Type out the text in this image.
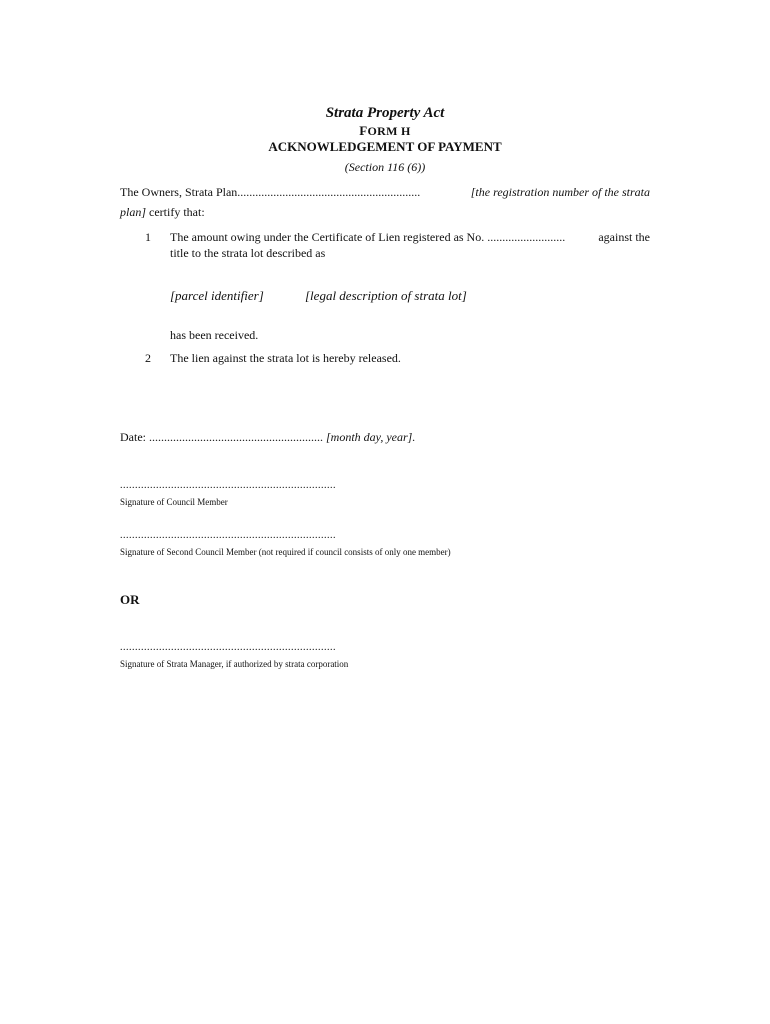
Strata Property Act
FORM H
ACKNOWLEDGEMENT OF PAYMENT
(Section 116 (6))
The Owners, Strata Plan.............................................................	[the registration number of the strata
plan] certify that:
1 The amount owing under the Certificate of Lien registered as No. ..........................	against the
title to the strata lot described as
[parcel identifier]	[legal description of strata lot]
has been received.
2 The lien against the strata lot is hereby released.
Date: .......................................................... [month day, year].
........................................................................
Signature of Council Member
........................................................................
Signature of Second Council Member (not required if council consists of only one member)
OR
........................................................................
Signature of Strata Manager, if authorized by strata corporation
